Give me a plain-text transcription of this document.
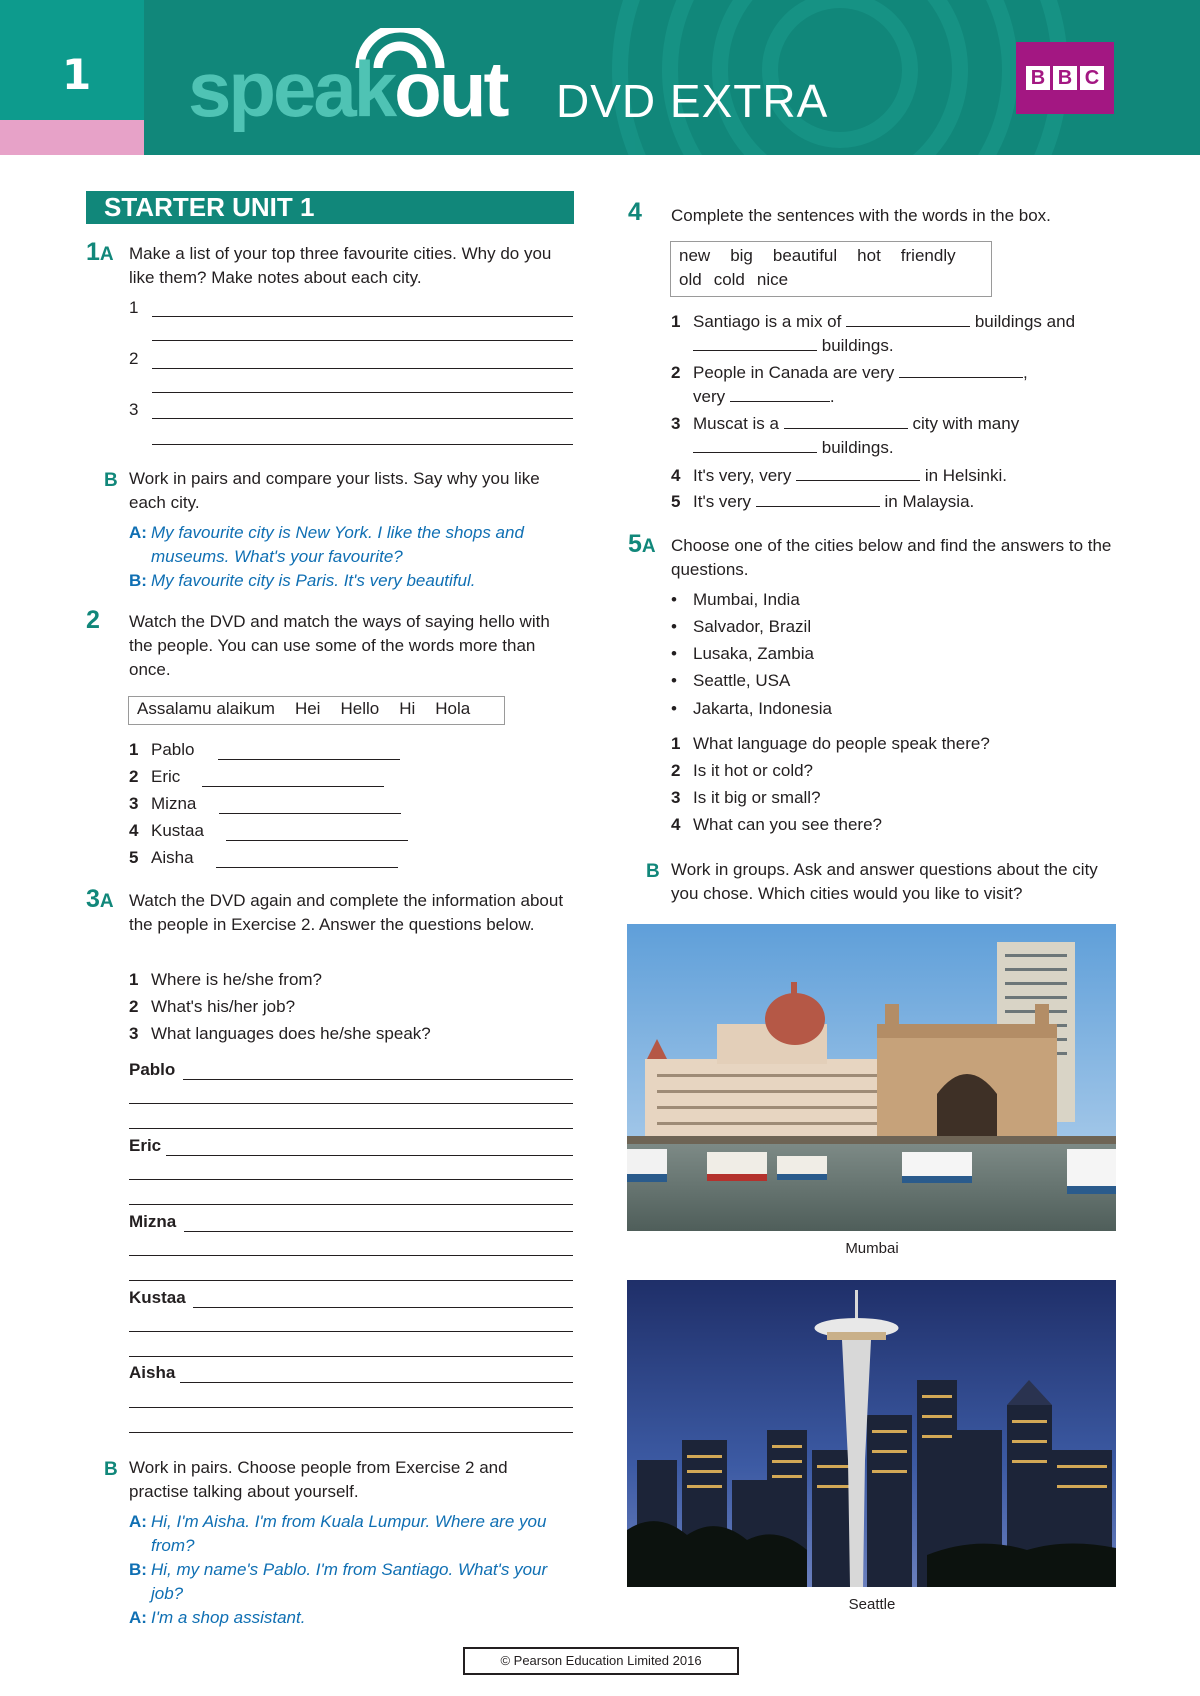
1 speakout DVD EXTRA	B B C
STARTER UNIT 1
1A Make a list of your top three favourite cities. Why do you like them? Make notes about each city.
1
2
3
B Work in pairs and compare your lists. Say why you like each city.
A: My favourite city is New York. I like the shops and museums. What's your favourite?
B: My favourite city is Paris. It's very beautiful.
2 Watch the DVD and match the ways of saying hello with the people. You can use some of the words more than once.
Assalamu alaikum Hei Hello Hi Hola
1 Pablo
2 Eric
3 Mizna
4 Kustaa
5 Aisha
3A Watch the DVD again and complete the information about the people in Exercise 2. Answer the questions below.
1 Where is he/she from?
2 What's his/her job?
3 What languages does he/she speak?
Pablo
Eric
Mizna
Kustaa
Aisha
B Work in pairs. Choose people from Exercise 2 and practise talking about yourself.
A: Hi, I'm Aisha. I'm from Kuala Lumpur. Where are you from?
B: Hi, my name's Pablo. I'm from Santiago. What's your job?
A: I'm a shop assistant.
4 Complete the sentences with the words in the box.
new big beautiful hot friendly
old cold nice
1 Santiago is a mix of	buildings and
buildings.
2 People in Canada are very	,
very	.
3 Muscat is a	city with many
buildings.
4 It's very, very	in Helsinki.
5 It's very	in Malaysia.
5A Choose one of the cities below and find the answers to the questions.
• Mumbai, India
• Salvador, Brazil
• Lusaka, Zambia
• Seattle, USA
• Jakarta, Indonesia
1 What language do people speak there?
2 Is it hot or cold?
3 Is it big or small?
4 What can you see there?
B Work in groups. Ask and answer questions about the city you chose. Which cities would you like to visit?
Mumbai
Seattle
© Pearson Education Limited 2016
